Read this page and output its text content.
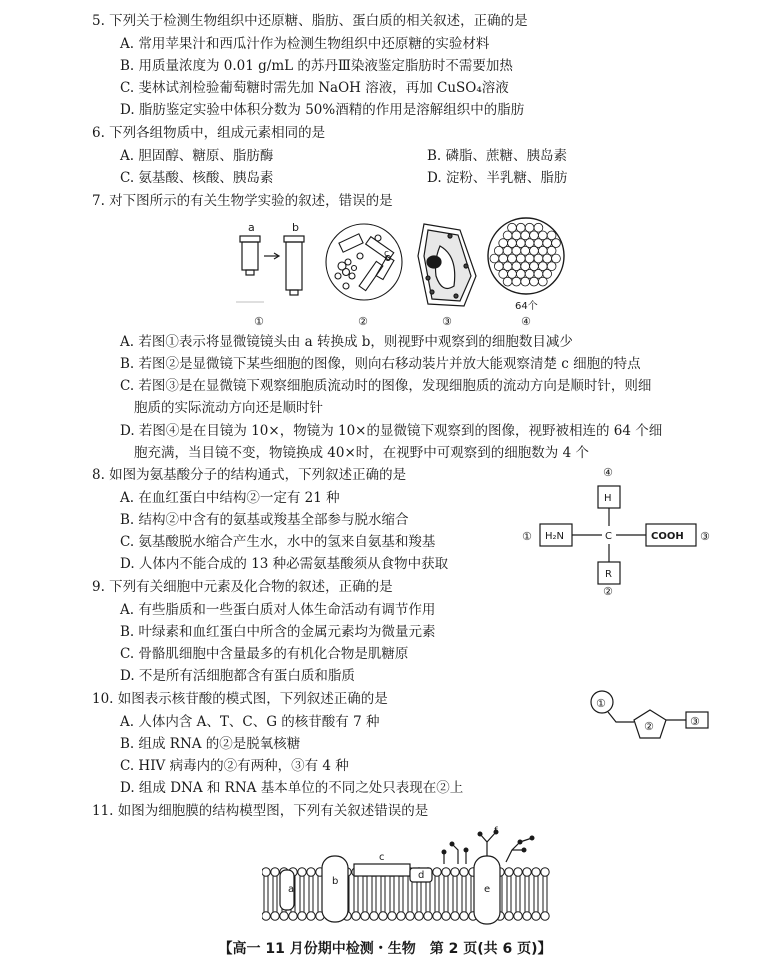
5. 下列关于检测生物组织中还原糖、脂肪、蛋白质的相关叙述，正确的是
A. 常用苹果汁和西瓜汁作为检测生物组织中还原糖的实验材料
B. 用质量浓度为 0.01 g/mL 的苏丹Ⅲ染液鉴定脂肪时不需要加热
C. 斐林试剂检验葡萄糖时需先加 NaOH 溶液，再加 CuSO₄溶液
D. 脂肪鉴定实验中体积分数为 50%酒精的作用是溶解组织中的脂肪
6. 下列各组物质中，组成元素相同的是
A. 胆固醇、糖原、脂肪酶	B. 磷脂、蔗糖、胰岛素
C. 氨基酸、核酸、胰岛素	D. 淀粉、半乳糖、脂肪
7. 对下图所示的有关生物学实验的叙述，错误的是
a	b
①
c
②	③
64个
④
A. 若图①表示将显微镜镜头由 a 转换成 b，则视野中观察到的细胞数目减少
B. 若图②是显微镜下某些细胞的图像，则向右移动装片并放大能观察清楚 c 细胞的特点
C. 若图③是在显微镜下观察细胞质流动时的图像，发现细胞质的流动方向是顺时针，则细
胞质的实际流动方向还是顺时针
D. 若图④是在目镜为 10×，物镜为 10×的显微镜下观察到的图像，视野被相连的 64 个细
胞充满，当目镜不变，物镜换成 40×时，在视野中可观察到的细胞数为 4 个
8. 如图为氨基酸分子的结构通式，下列叙述正确的是
A. 在血红蛋白中结构②一定有 21 种
B. 结构②中含有的氨基或羧基全部参与脱水缩合
C. 氨基酸脱水缩合产生水，水中的氢来自氨基和羧基
D. 人体内不能合成的 13 种必需氨基酸须从食物中获取
④
H
① H₂N	C	COOH ③
R
②
9. 下列有关细胞中元素及化合物的叙述，正确的是
A. 有些脂质和一些蛋白质对人体生命活动有调节作用
B. 叶绿素和血红蛋白中所含的金属元素均为微量元素
C. 骨骼肌细胞中含量最多的有机化合物是肌糖原
D. 不是所有活细胞都含有蛋白质和脂质
10. 如图表示核苷酸的模式图，下列叙述正确的是
A. 人体内含 A、T、C、G 的核苷酸有 7 种
B. 组成 RNA 的②是脱氧核糖
C. HIV 病毒内的②有两种，③有 4 种
D. 组成 DNA 和 RNA 基本单位的不同之处只表现在②上
①
②	③
11. 如图为细胞膜的结构模型图，下列有关叙述错误的是
a
b
c
d
e
f
【高一 11 月份期中检测・生物　第 2 页(共 6 页)】
